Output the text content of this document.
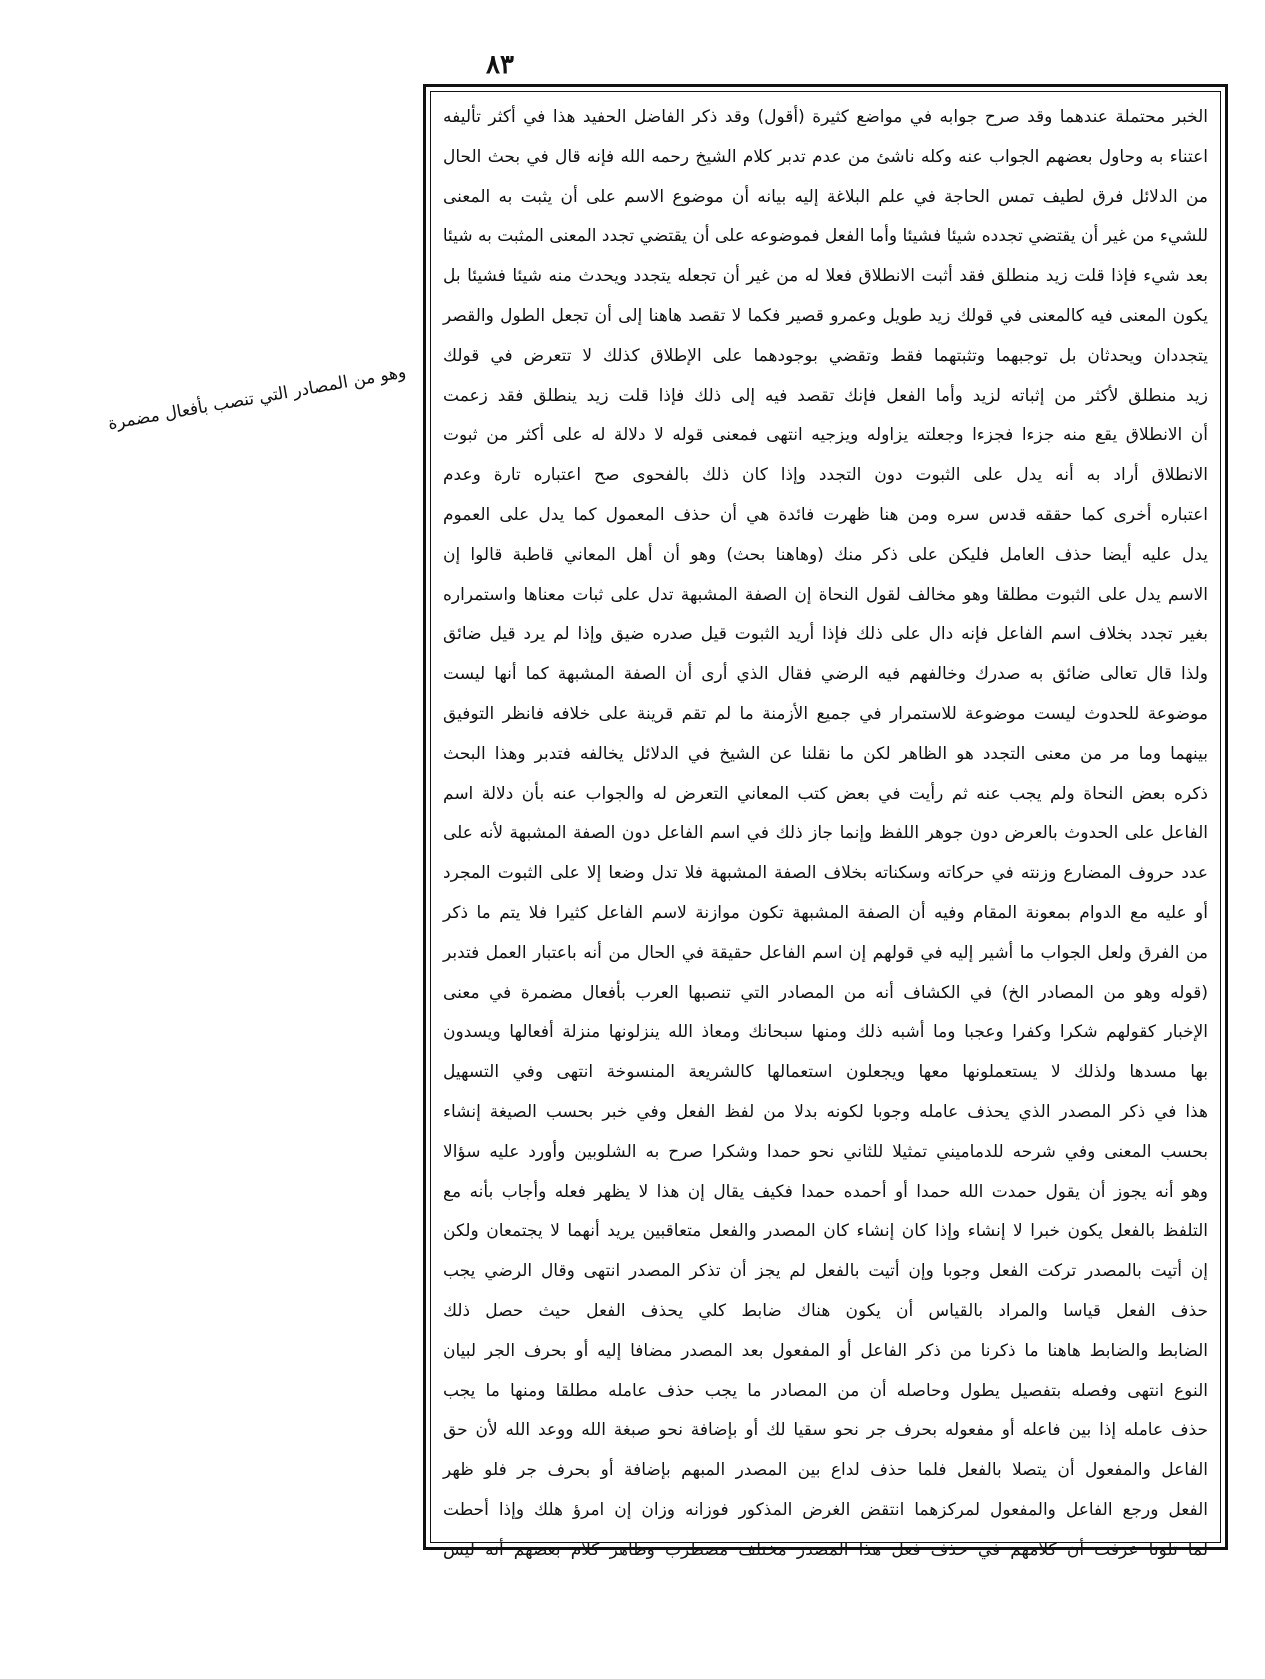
٨٣
وهو من المصادر التي تنصب بأفعال مضمرة
الخبر محتملة عندهما وقد صرح جوابه في مواضع كثيرة (أقول) وقد ذكر الفاضل الحفيد هذا في أكثر تأليفه
اعتناء به وحاول بعضهم الجواب عنه وكله ناشئ من عدم تدبر كلام الشيخ رحمه الله فإنه قال في بحث الحال
من الدلائل فرق لطيف تمس الحاجة في علم البلاغة إليه بيانه أن موضوع الاسم على أن يثبت به المعنى
للشيء من غير أن يقتضي تجدده شيئا فشيئا وأما الفعل فموضوعه على أن يقتضي تجدد المعنى المثبت به شيئا
بعد شيء فإذا قلت زيد منطلق فقد أثبت الانطلاق فعلا له من غير أن تجعله يتجدد ويحدث منه شيئا فشيئا بل
يكون المعنى فيه كالمعنى في قولك زيد طويل وعمرو قصير فكما لا تقصد هاهنا إلى أن تجعل الطول والقصر
يتجددان ويحدثان بل توجبهما وتثبتهما فقط وتقضي بوجودهما على الإطلاق كذلك لا تتعرض في قولك
زيد منطلق لأكثر من إثباته لزيد وأما الفعل فإنك تقصد فيه إلى ذلك فإذا قلت زيد ينطلق فقد زعمت
أن الانطلاق يقع منه جزءا فجزءا وجعلته يزاوله ويزجيه انتهى فمعنى قوله لا دلالة له على أكثر من ثبوت
الانطلاق أراد به أنه يدل على الثبوت دون التجدد وإذا كان ذلك بالفحوى صح اعتباره تارة وعدم
اعتباره أخرى كما حققه قدس سره ومن هنا ظهرت فائدة هي أن حذف المعمول كما يدل على العموم
يدل عليه أيضا حذف العامل فليكن على ذكر منك (وهاهنا بحث) وهو أن أهل المعاني قاطبة قالوا إن
الاسم يدل على الثبوت مطلقا وهو مخالف لقول النحاة إن الصفة المشبهة تدل على ثبات معناها واستمراره
بغير تجدد بخلاف اسم الفاعل فإنه دال على ذلك فإذا أريد الثبوت قيل صدره ضيق وإذا لم يرد قيل ضائق
ولذا قال تعالى ضائق به صدرك وخالفهم فيه الرضي فقال الذي أرى أن الصفة المشبهة كما أنها ليست
موضوعة للحدوث ليست موضوعة للاستمرار في جميع الأزمنة ما لم تقم قرينة على خلافه فانظر التوفيق
بينهما وما مر من معنى التجدد هو الظاهر لكن ما نقلنا عن الشيخ في الدلائل يخالفه فتدبر وهذا البحث
ذكره بعض النحاة ولم يجب عنه ثم رأيت في بعض كتب المعاني التعرض له والجواب عنه بأن دلالة اسم
الفاعل على الحدوث بالعرض دون جوهر اللفظ وإنما جاز ذلك في اسم الفاعل دون الصفة المشبهة لأنه على
عدد حروف المضارع وزنته في حركاته وسكناته بخلاف الصفة المشبهة فلا تدل وضعا إلا على الثبوت المجرد
أو عليه مع الدوام بمعونة المقام وفيه أن الصفة المشبهة تكون موازنة لاسم الفاعل كثيرا فلا يتم ما ذكر
من الفرق ولعل الجواب ما أشير إليه في قولهم إن اسم الفاعل حقيقة في الحال من أنه باعتبار العمل فتدبر
(قوله وهو من المصادر الخ) في الكشاف أنه من المصادر التي تنصبها العرب بأفعال مضمرة في معنى
الإخبار كقولهم شكرا وكفرا وعجبا وما أشبه ذلك ومنها سبحانك ومعاذ الله ينزلونها منزلة أفعالها ويسدون
بها مسدها ولذلك لا يستعملونها معها ويجعلون استعمالها كالشريعة المنسوخة انتهى وفي التسهيل
هذا في ذكر المصدر الذي يحذف عامله وجوبا لكونه بدلا من لفظ الفعل وفي خبر بحسب الصيغة إنشاء
بحسب المعنى وفي شرحه للدماميني تمثيلا للثاني نحو حمدا وشكرا صرح به الشلوبين وأورد عليه سؤالا
وهو أنه يجوز أن يقول حمدت الله حمدا أو أحمده حمدا فكيف يقال إن هذا لا يظهر فعله وأجاب بأنه مع
التلفظ بالفعل يكون خبرا لا إنشاء وإذا كان إنشاء كان المصدر والفعل متعاقبين يريد أنهما لا يجتمعان ولكن
إن أتيت بالمصدر تركت الفعل وجوبا وإن أتيت بالفعل لم يجز أن تذكر المصدر انتهى وقال الرضي يجب
حذف الفعل قياسا والمراد بالقياس أن يكون هناك ضابط كلي يحذف الفعل حيث حصل ذلك
الضابط والضابط هاهنا ما ذكرنا من ذكر الفاعل أو المفعول بعد المصدر مضافا إليه أو بحرف الجر لبيان
النوع انتهى وفصله بتفصيل يطول وحاصله أن من المصادر ما يجب حذف عامله مطلقا ومنها ما يجب
حذف عامله إذا بين فاعله أو مفعوله بحرف جر نحو سقيا لك أو بإضافة نحو صبغة الله ووعد الله لأن حق
الفاعل والمفعول أن يتصلا بالفعل فلما حذف لداع بين المصدر المبهم بإضافة أو بحرف جر فلو ظهر
الفعل ورجع الفاعل والمفعول لمركزهما انتقض الغرض المذكور فوزانه وزان إن امرؤ هلك وإذا أحطت
لما تلونا عرفت أن كلامهم في حذف فعل هذا المصدر مختلف مضطرب وظاهر كلام بعضهم أنه ليس
